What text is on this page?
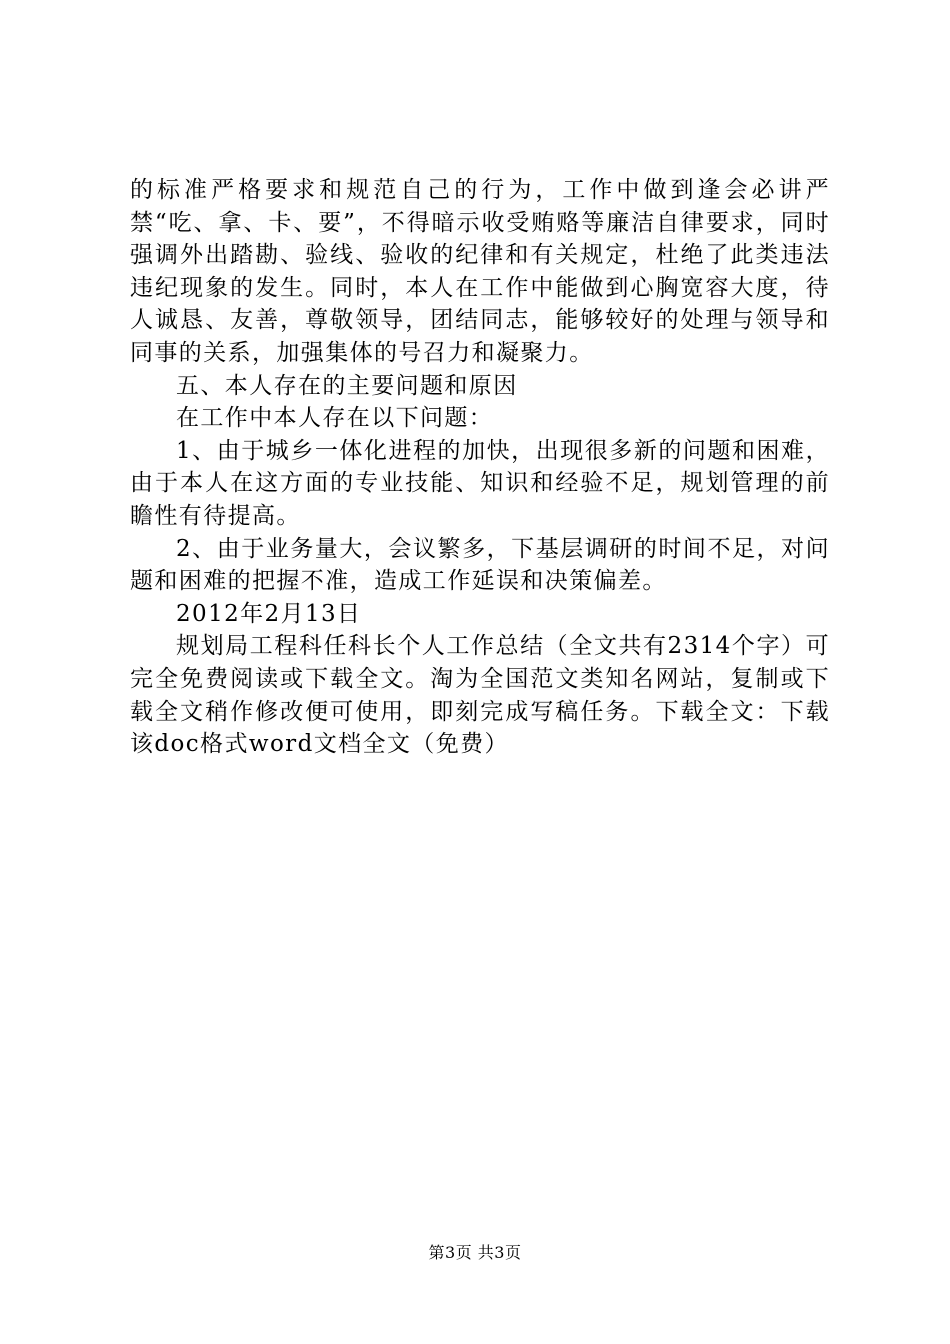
的标准严格要求和规范自己的行为，工作中做到逢会必讲严禁“吃、拿、卡、要”，不得暗示收受贿赂等廉洁自律要求，同时强调外出踏勘、验线、验收的纪律和有关规定，杜绝了此类违法违纪现象的发生。同时，本人在工作中能做到心胸宽容大度，待人诚恳、友善，尊敬领导，团结同志，能够较好的处理与领导和同事的关系，加强集体的号召力和凝聚力。

五、本人存在的主要问题和原因

在工作中本人存在以下问题：

1、由于城乡一体化进程的加快，出现很多新的问题和困难，由于本人在这方面的专业技能、知识和经验不足，规划管理的前瞻性有待提高。

2、由于业务量大，会议繁多，下基层调研的时间不足，对问题和困难的把握不准，造成工作延误和决策偏差。

2012年2月13日

规划局工程科任科长个人工作总结（全文共有2314个字）可完全免费阅读或下载全文。淘为全国范文类知名网站，复制或下载全文稍作修改便可使用，即刻完成写稿任务。下载全文：下载该doc格式word文档全文（免费）

第3页 共3页
